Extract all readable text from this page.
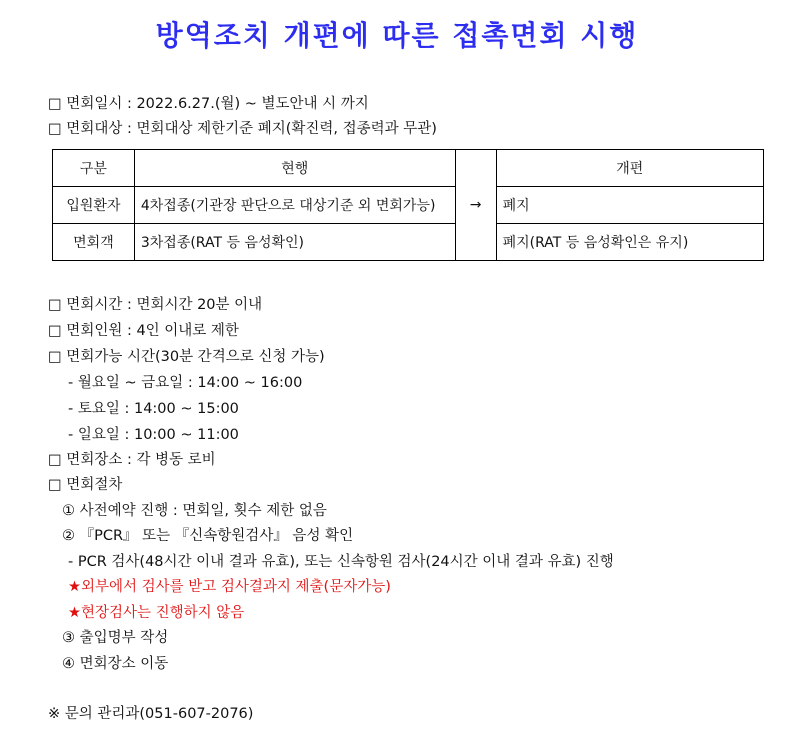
방역조치 개편에 따른 접촉면회 시행
□ 면회일시 : 2022.6.27.(월) ~ 별도안내 시 까지
□ 면회대상 : 면회대상 제한기준 폐지(확진력, 접종력과 무관)
구분	현행		개편
입원환자	4차접종(기관장 판단으로 대상기준 외 면회가능)	→	폐지
면회객	3차접종(RAT 등 음성확인)		폐지(RAT 등 음성확인은 유지)
□ 면회시간 : 면회시간 20분 이내
□ 면회인원 : 4인 이내로 제한
□ 면회가능 시간(30분 간격으로 신청 가능)
- 월요일 ~ 금요일 : 14:00 ~ 16:00
- 토요일 : 14:00 ~ 15:00
- 일요일 : 10:00 ~ 11:00
□ 면회장소 : 각 병동 로비
□ 면회절차
① 사전예약 진행 : 면회일, 횟수 제한 없음
② 『PCR』 또는 『신속항원검사』 음성 확인
- PCR 검사(48시간 이내 결과 유효), 또는 신속항원 검사(24시간 이내 결과 유효) 진행
★외부에서 검사를 받고 검사결과지 제출(문자가능)
★현장검사는 진행하지 않음
③ 출입명부 작성
④ 면회장소 이동
※ 문의 관리과(051-607-2076)
